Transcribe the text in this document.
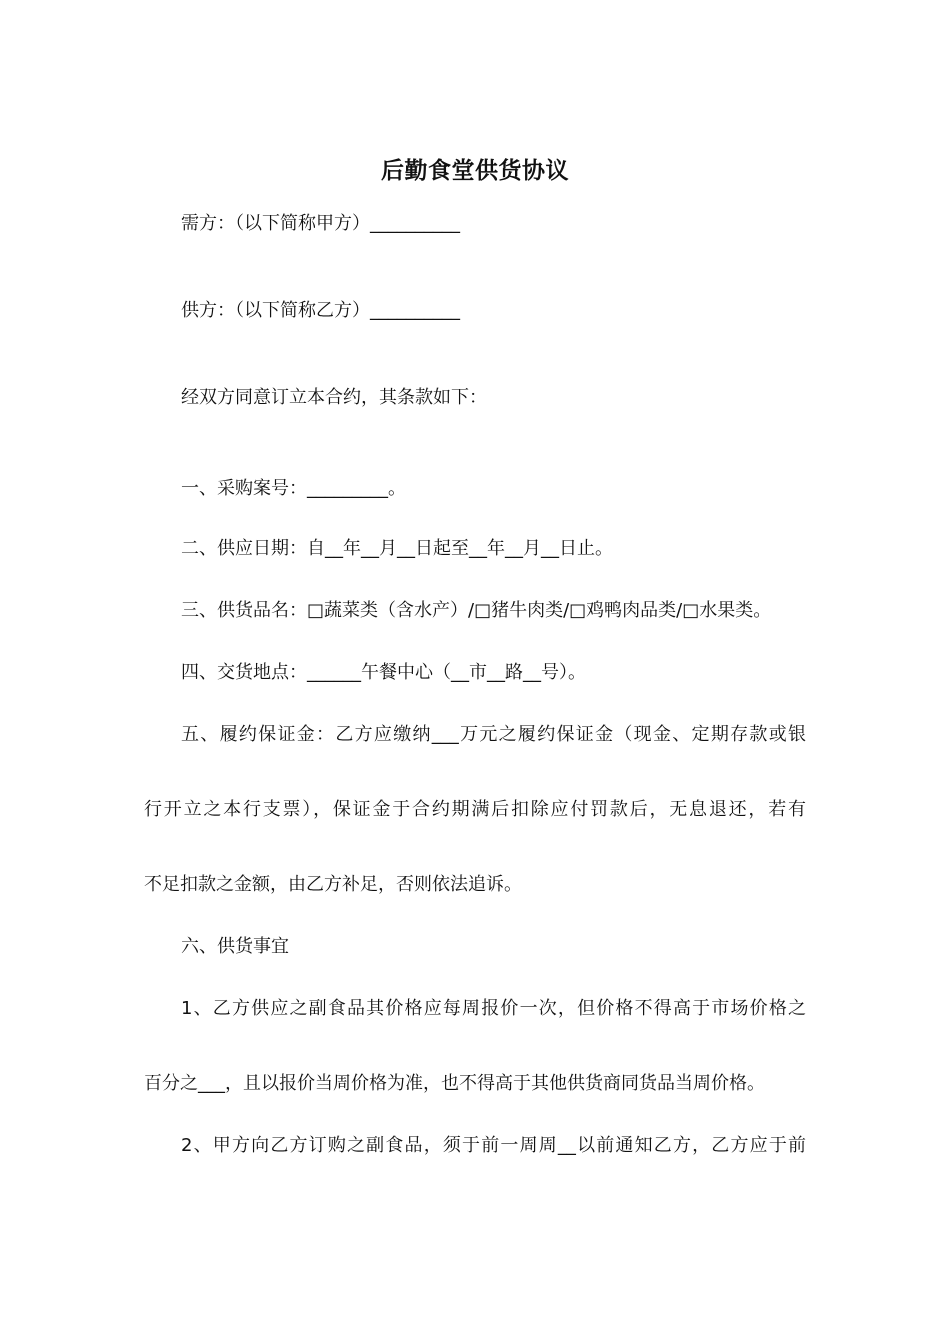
后勤食堂供货协议
需方：（以下简称甲方）__________
供方：（以下简称乙方）__________
经双方同意订立本合约，其条款如下：
一、采购案号：_________。
二、供应日期：自__年__月__日起至__年__月__日止。
三、供货品名：□蔬菜类（含水产）/□猪牛肉类/□鸡鸭肉品类/□水果类。
四、交货地点：______午餐中心（__市__路__号）。
五、履约保证金：乙方应缴纳___万元之履约保证金（现金、定期存款或银
行开立之本行支票），保证金于合约期满后扣除应付罚款后，无息退还，若有
不足扣款之金额，由乙方补足，否则依法追诉。
六、供货事宜
1、乙方供应之副食品其价格应每周报价一次，但价格不得高于市场价格之
百分之___，且以报价当周价格为准，也不得高于其他供货商同货品当周价格。
2、甲方向乙方订购之副食品，须于前一周周__以前通知乙方，乙方应于前
